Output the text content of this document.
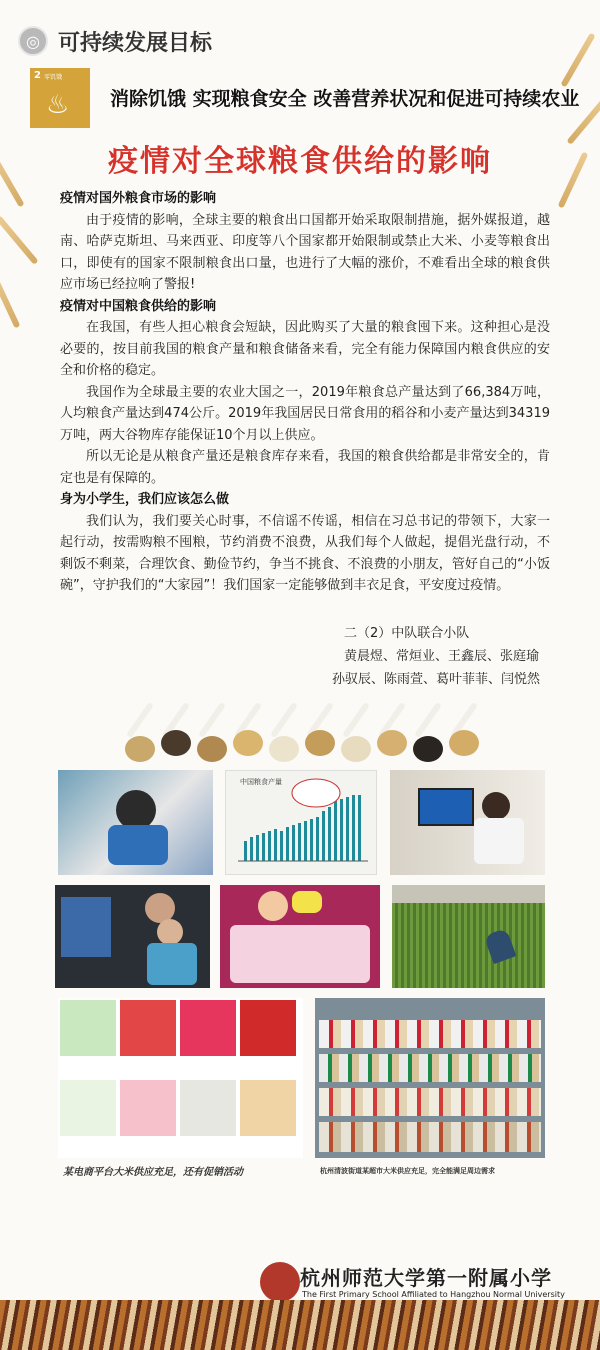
◎ 可持续发展目标
2 零饥饿
♨ 消除饥饿 实现粮食安全 改善营养状况和促进可持续农业
疫情对全球粮食供给的影响
疫情对国外粮食市场的影响

由于疫情的影响，全球主要的粮食出口国都开始采取限制措施，据外媒报道，越南、哈萨克斯坦、马来西亚、印度等八个国家都开始限制或禁止大米、小麦等粮食出口，即使有的国家不限制粮食出口量，也进行了大幅的涨价，不难看出全球的粮食供应市场已经拉响了警报!

疫情对中国粮食供给的影响

在我国，有些人担心粮食会短缺，因此购买了大量的粮食囤下来。这种担心是没必要的，按目前我国的粮食产量和粮食储备来看，完全有能力保障国内粮食供应的安全和价格的稳定。

我国作为全球最主要的农业大国之一，2019年粮食总产量达到了66,384万吨，人均粮食产量达到474公斤。2019年我国居民日常食用的稻谷和小麦产量达到34319万吨，两大谷物库存能保证10个月以上供应。

所以无论是从粮食产量还是粮食库存来看，我国的粮食供给都是非常安全的，肯定也是有保障的。

身为小学生，我们应该怎么做

我们认为，我们要关心时事，不信谣不传谣，相信在习总书记的带领下，大家一起行动，按需购粮不囤粮，节约消费不浪费，从我们每个人做起，提倡光盘行动，不剩饭不剩菜，合理饮食、勤俭节约，争当不挑食、不浪费的小朋友，管好自己的“小饭碗”，守护我们的“大家园”！我们国家一定能够做到丰衣足食，平安度过疫情。

二（2）中队联合小队
黄晨煜、常烜业、王鑫辰、张庭瑜
孙驭辰、陈雨萱、葛叶菲菲、闫悦然
中国粮食产量
某电商平台大米供应充足，还有促销活动	杭州清波街道某超市大米供应充足，完全能满足周边需求
杭州师范大学第一附属小学
The First Primary School Affiliated to Hangzhou Normal University
